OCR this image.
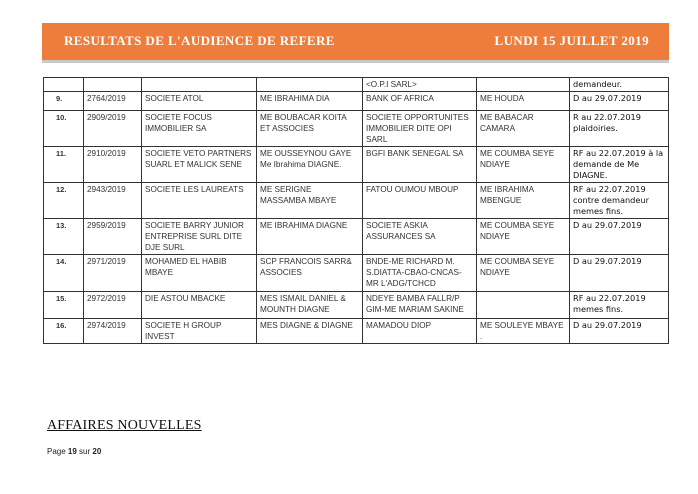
RESULTATS DE L'AUDIENCE DE REFERE	LUNDI 15 JUILLET 2019
				<O.P.I SARL>		demandeur.
9.	2764/2019	SOCIETE ATOL	ME IBRAHIMA DIA	BANK OF AFRICA	ME HOUDA	D au 29.07.2019
10.	2909/2019	SOCIETE FOCUS IMMOBILIER SA	ME BOUBACAR KOITA ET ASSOCIES	SOCIETE OPPORTUNITES IMMOBILIER DITE OPI SARL	ME BABACAR CAMARA	R au 22.07.2019 plaidoiries.
11.	2910/2019	SOCIETE VETO PARTNERS SUARL ET MALICK SENE	ME OUSSEYNOU GAYE Me Ibrahima DIAGNE.	BGFI BANK SENEGAL SA	ME COUMBA SEYE NDIAYE	RF au 22.07.2019 à la demande de Me DIAGNE.
12.	2943/2019	SOCIETE LES LAUREATS	ME SERIGNE MASSAMBA MBAYE	FATOU OUMOU MBOUP	ME IBRAHIMA MBENGUE	RF au 22.07.2019 contre demandeur memes fins.
13.	2959/2019	SOCIETE BARRY JUNIOR ENTREPRISE SURL DITE DJE SURL	ME IBRAHIMA DIAGNE	SOCIETE ASKIA ASSURANCES SA	ME COUMBA SEYE NDIAYE	D au 29.07.2019
14.	2971/2019	MOHAMED EL HABIB MBAYE	SCP FRANCOIS SARR& ASSOCIES	BNDE-ME RICHARD M. S.DIATTA-CBAO-CNCAS-MR L'ADG/TCHCD	ME COUMBA SEYE NDIAYE	D au 29.07.2019
15.	2972/2019	DIE ASTOU MBACKE	MES ISMAIL DANIEL & MOUNTH DIAGNE	NDEYE BAMBA FALLR/P GIM-ME MARIAM SAKINE		RF au 22.07.2019 memes fins.
16.	2974/2019	SOCIETE H GROUP INVEST	MES DIAGNE & DIAGNE	MAMADOU DIOP	ME SOULEYE MBAYE .	D au 29.07.2019
AFFAIRES NOUVELLES
Page 19 sur 20
